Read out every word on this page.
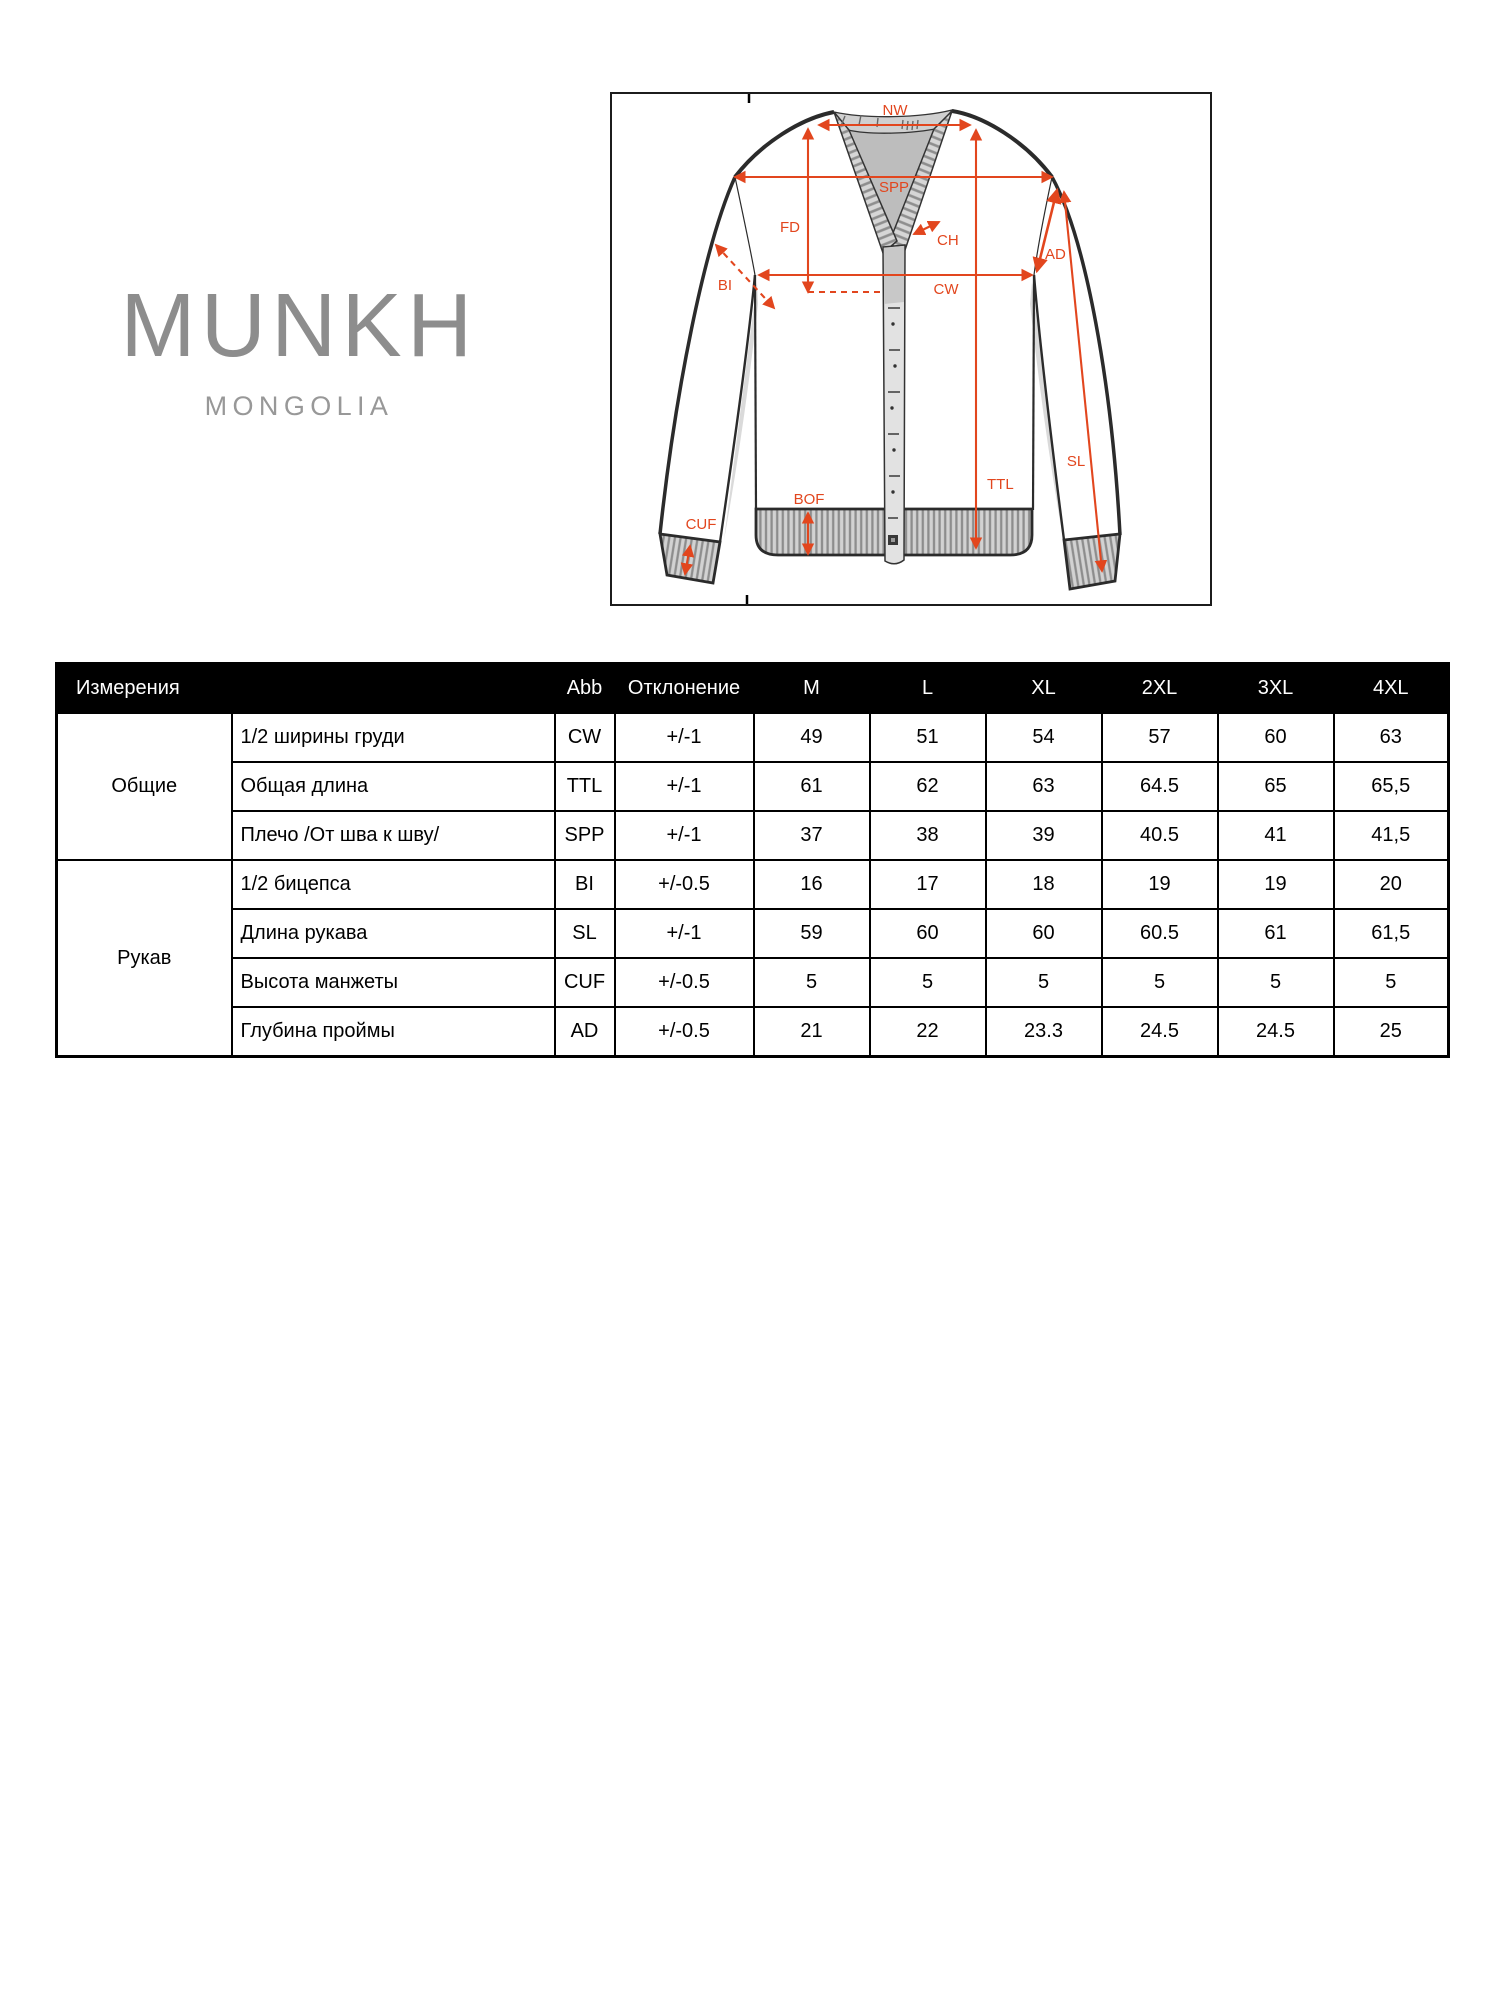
MUNKH
MONGOLIA
NW
SPP
FD
CH
BI	CW
AD
SL
TTL
BOF
CUF
Измерения		Abb	Отклонение	M	L	XL	2XL	3XL	4XL
Общие	1/2 ширины груди	CW	+/-1	49	51	54	57	60	63
	Общая длина	TTL	+/-1	61	62	63	64.5	65	65,5
	Плечо /От шва к шву/	SPP	+/-1	37	38	39	40.5	41	41,5
Рукав	1/2 бицепса	BI	+/-0.5	16	17	18	19	19	20
	Длина рукава	SL	+/-1	59	60	60	60.5	61	61,5
	Высота манжеты	CUF	+/-0.5	5	5	5	5	5	5
	Глубина проймы	AD	+/-0.5	21	22	23.3	24.5	24.5	25
